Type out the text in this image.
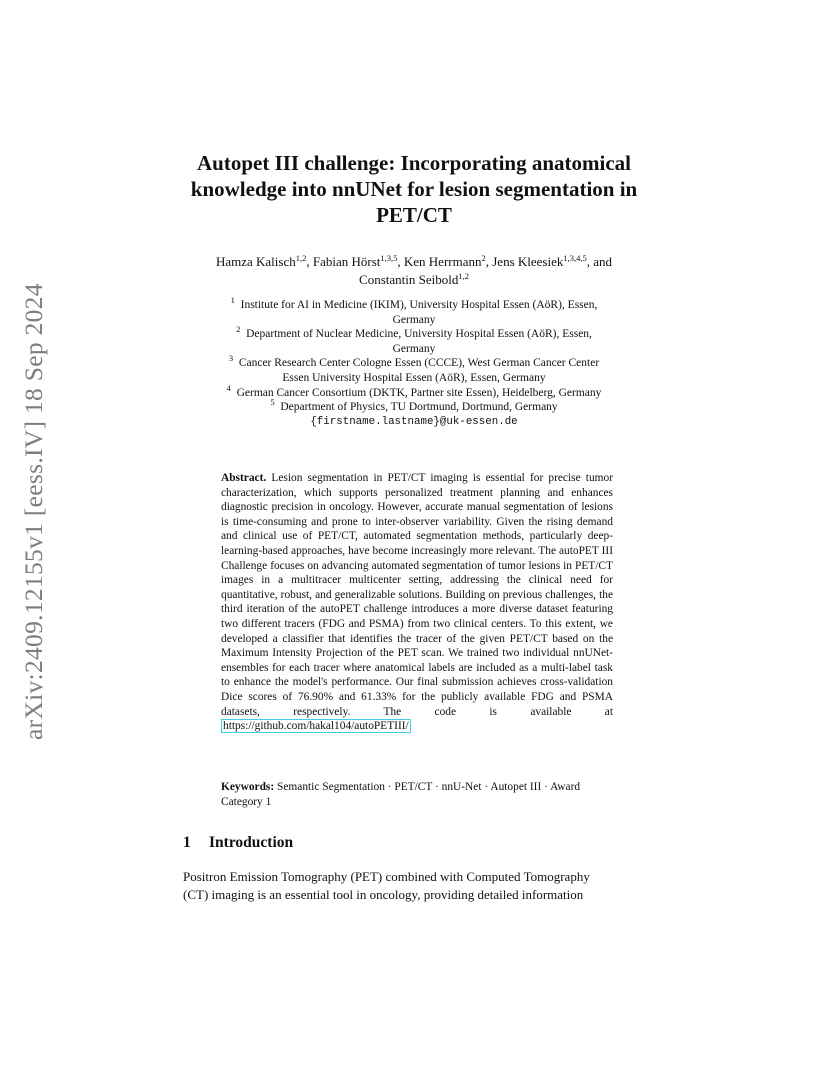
arXiv:2409.12155v1 [eess.IV] 18 Sep 2024
Autopet III challenge: Incorporating anatomical
knowledge into nnUNet for lesion segmentation in
PET/CT
Hamza Kalisch$^{1,2}$, Fabian Hörst$^{1,3,5}$, Ken Herrmann$^2$, Jens Kleesiek$^{1,3,4,5}$, and
Constantin Seibold$^{1,2}$
$^1$ Institute for AI in Medicine (IKIM), University Hospital Essen (AöR), Essen,
Germany
$^2$ Department of Nuclear Medicine, University Hospital Essen (AöR), Essen,
Germany
$^3$ Cancer Research Center Cologne Essen (CCCE), West German Cancer Center
Essen University Hospital Essen (AöR), Essen, Germany
$^4$ German Cancer Consortium (DKTK, Partner site Essen), Heidelberg, Germany
$^5$ Department of Physics, TU Dortmund, Dortmund, Germany
{firstname.lastname}@uk-essen.de

Abstract. Lesion segmentation in PET/CT imaging is essential for precise tumor characterization, which supports personalized treatment planning and enhances diagnostic precision in oncology. However, accurate manual segmentation of lesions is time-consuming and prone to inter-observer variability. Given the rising demand and clinical use of PET/CT, automated segmentation methods, particularly deep-learning-based approaches, have become increasingly more relevant. The autoPET III Challenge focuses on advancing automated segmentation of tumor lesions in PET/CT images in a multitracer multicenter setting, addressing the clinical need for quantitative, robust, and generalizable solutions. Building on previous challenges, the third iteration of the autoPET challenge introduces a more diverse dataset featuring two different tracers (FDG and PSMA) from two clinical centers. To this extent, we developed a classifier that identifies the tracer of the given PET/CT based on the Maximum Intensity Projection of the PET scan. We trained two individual nnUNet-ensembles for each tracer where anatomical labels are included as a multi-label task to enhance the model's performance. Our final submission achieves cross-validation Dice scores of 76.90% and 61.33% for the publicly available FDG and PSMA datasets, respectively. The code is available at https://github.com/hakal104/autoPETIII/

Keywords: Semantic Segmentation · PET/CT · nnU-Net · Autopet III · Award Category 1
1 Introduction
Positron Emission Tomography (PET) combined with Computed Tomography
(CT) imaging is an essential tool in oncology, providing detailed information
